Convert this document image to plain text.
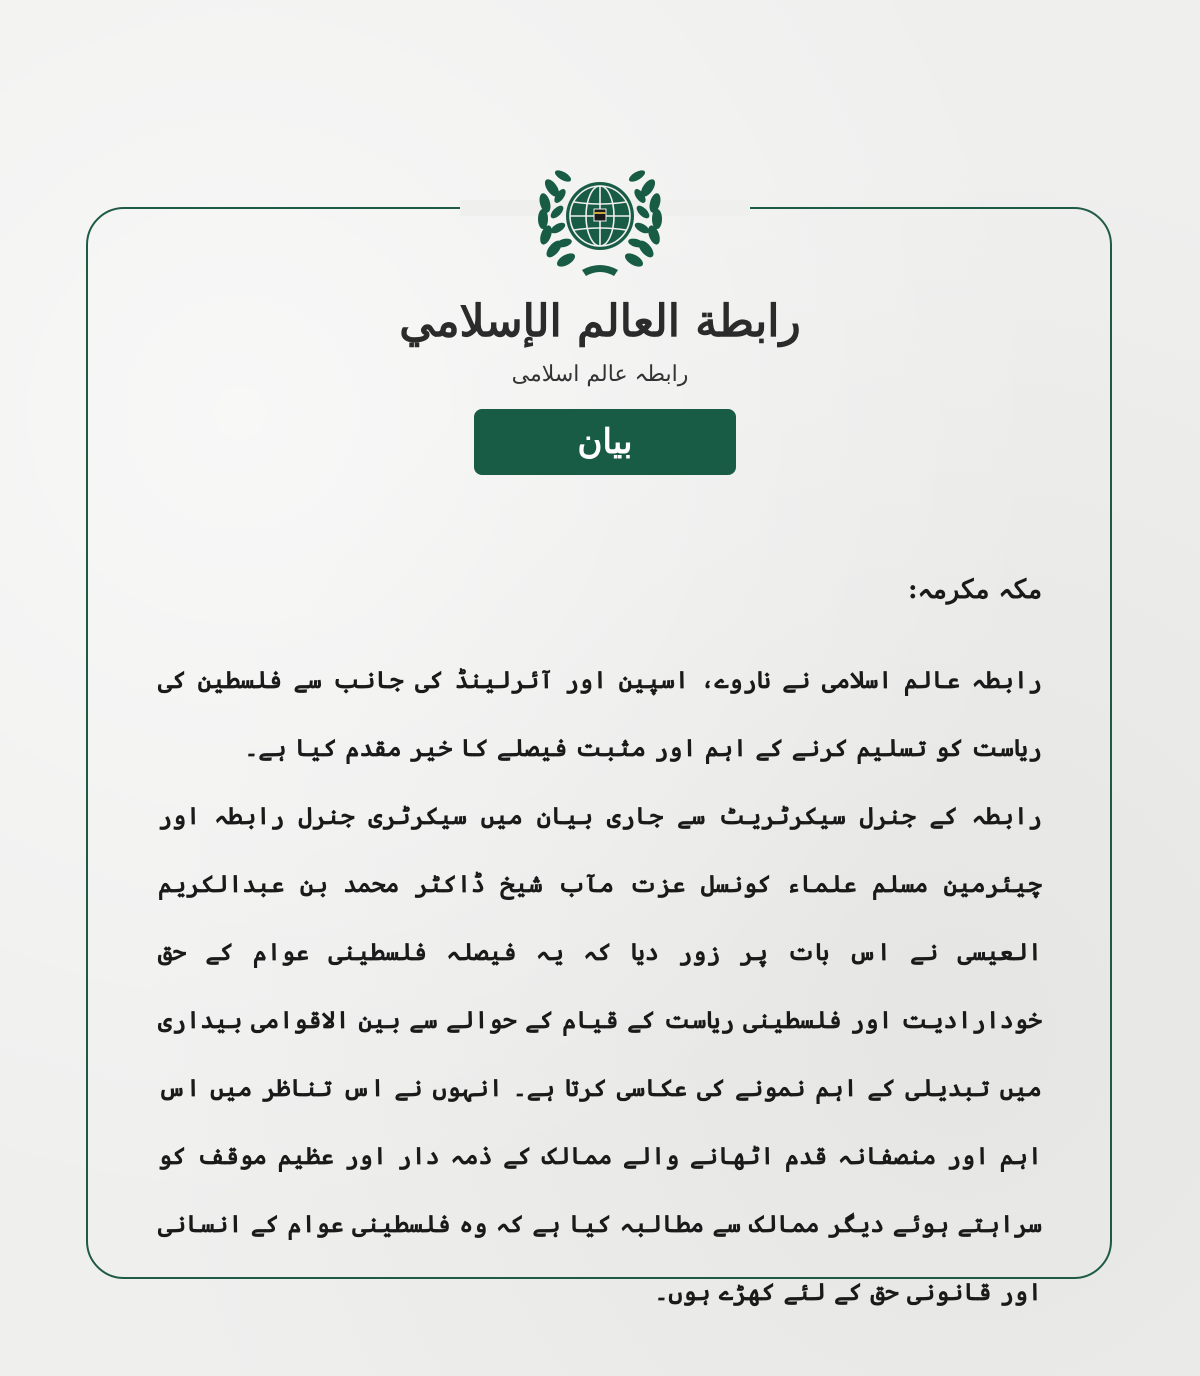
رابطة العالم الإسلامي
رابطہ عالم اسلامی
بیان

مکہ مکرمہ:

رابطہ عالم اسلامی نے ناروے، اسپین اور آئرلینڈ کی جانب سے فلسطین کی ریاست کو تسلیم کرنے کے اہم اور مثبت فیصلے کا خیر مقدم کیا ہے۔

رابطہ کے جنرل سیکرٹریٹ سے جاری بیان میں سیکرٹری جنرل رابطہ اور چیئرمین مسلم علماء کونسل عزت مآب شیخ ڈاکٹر محمد بن عبدالکریم العیسی نے اس بات پر زور دیا کہ یہ فیصلہ فلسطینی عوام کے حق خودارادیت اور فلسطینی ریاست کے قیام کے حوالے سے بین الاقوامی بیداری میں تبدیلی کے اہم نمونے کی عکاسی کرتا ہے۔ انہوں نے اس تناظر میں اس اہم اور منصفانہ قدم اٹھانے والے ممالک کے ذمہ دار اور عظیم موقف کو سراہتے ہوئے دیگر ممالک سے مطالبہ کیا ہے کہ وہ فلسطینی عوام کے انسانی اور قانونی حق کے لئے کھڑے ہوں۔
